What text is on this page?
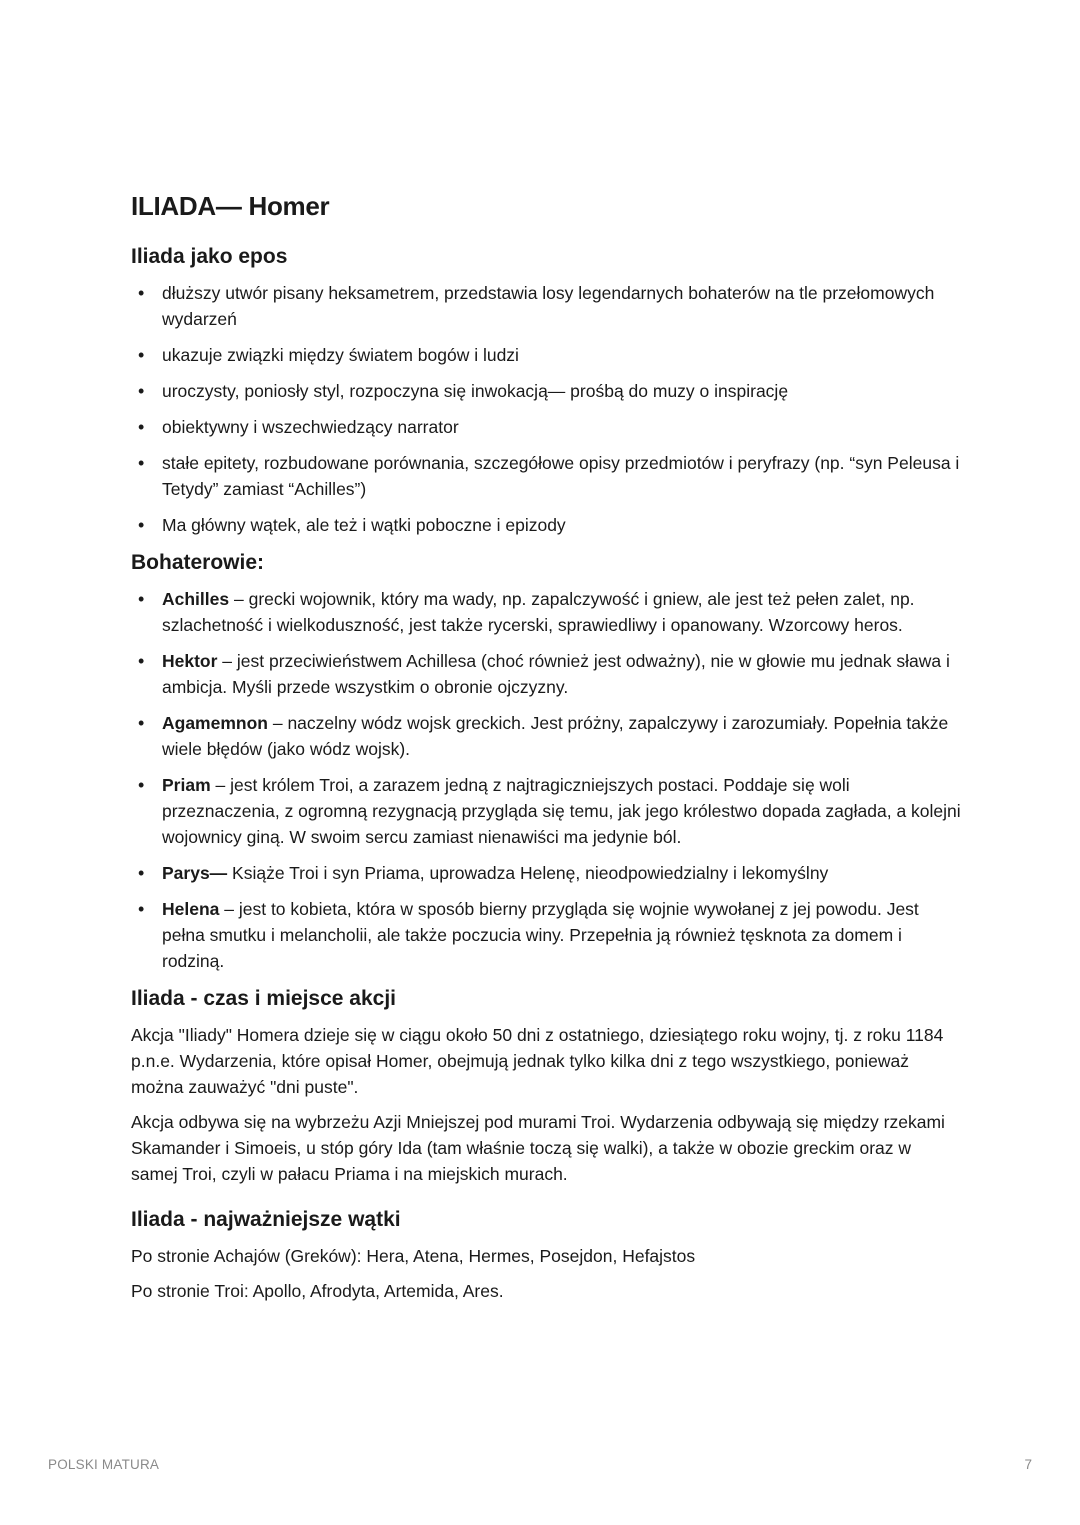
ILIADA— Homer
Iliada jako epos
• dłuższy utwór pisany heksametrem, przedstawia losy legendarnych bohaterów na tle przełomowych wydarzeń
• ukazuje związki między światem bogów i ludzi
• uroczysty, poniosły styl, rozpoczyna się inwokacją— prośbą do muzy o inspirację
• obiektywny i wszechwiedzący narrator
• stałe epitety, rozbudowane porównania, szczegółowe opisy przedmiotów i peryfrazy (np. “syn Peleusa i Tetydy” zamiast “Achilles”)
• Ma główny wątek, ale też i wątki poboczne i epizody
Bohaterowie:
• Achilles – grecki wojownik, który ma wady, np. zapalczywość i gniew, ale jest też pełen zalet, np. szlachetność i wielkoduszność, jest także rycerski, sprawiedliwy i opanowany. Wzorcowy heros.
• Hektor – jest przeciwieństwem Achillesa (choć również jest odważny), nie w głowie mu jednak sława i ambicja. Myśli przede wszystkim o obronie ojczyzny.
• Agamemnon – naczelny wódz wojsk greckich. Jest próżny, zapalczywy i zarozumiały. Popełnia także wiele błędów (jako wódz wojsk).
• Priam – jest królem Troi, a zarazem jedną z najtragiczniejszych postaci. Poddaje się woli przeznaczenia, z ogromną rezygnacją przygląda się temu, jak jego królestwo dopada zagłada, a kolejni wojownicy giną. W swoim sercu zamiast nienawiści ma jedynie ból.
• Parys— Książe Troi i syn Priama, uprowadza Helenę, nieodpowiedzialny i lekomyślny
• Helena – jest to kobieta, która w sposób bierny przygląda się wojnie wywołanej z jej powodu. Jest pełna smutku i melancholii, ale także poczucia winy. Przepełnia ją również tęsknota za domem i rodziną.
Iliada - czas i miejsce akcji

Akcja "Iliady" Homera dzieje się w ciągu około 50 dni z ostatniego, dziesiątego roku wojny, tj. z roku 1184 p.n.e. Wydarzenia, które opisał Homer, obejmują jednak tylko kilka dni z tego wszystkiego, ponieważ można zauważyć "dni puste".

Akcja odbywa się na wybrzeżu Azji Mniejszej pod murami Troi. Wydarzenia odbywają się między rzekami Skamander i Simoeis, u stóp góry Ida (tam właśnie toczą się walki), a także w obozie greckim oraz w samej Troi, czyli w pałacu Priama i na miejskich murach.

Iliada - najważniejsze wątki

Po stronie Achajów (Greków): Hera, Atena, Hermes, Posejdon, Hefajstos

Po stronie Troi: Apollo, Afrodyta, Artemida, Ares.

POLSKI MATURA	7
